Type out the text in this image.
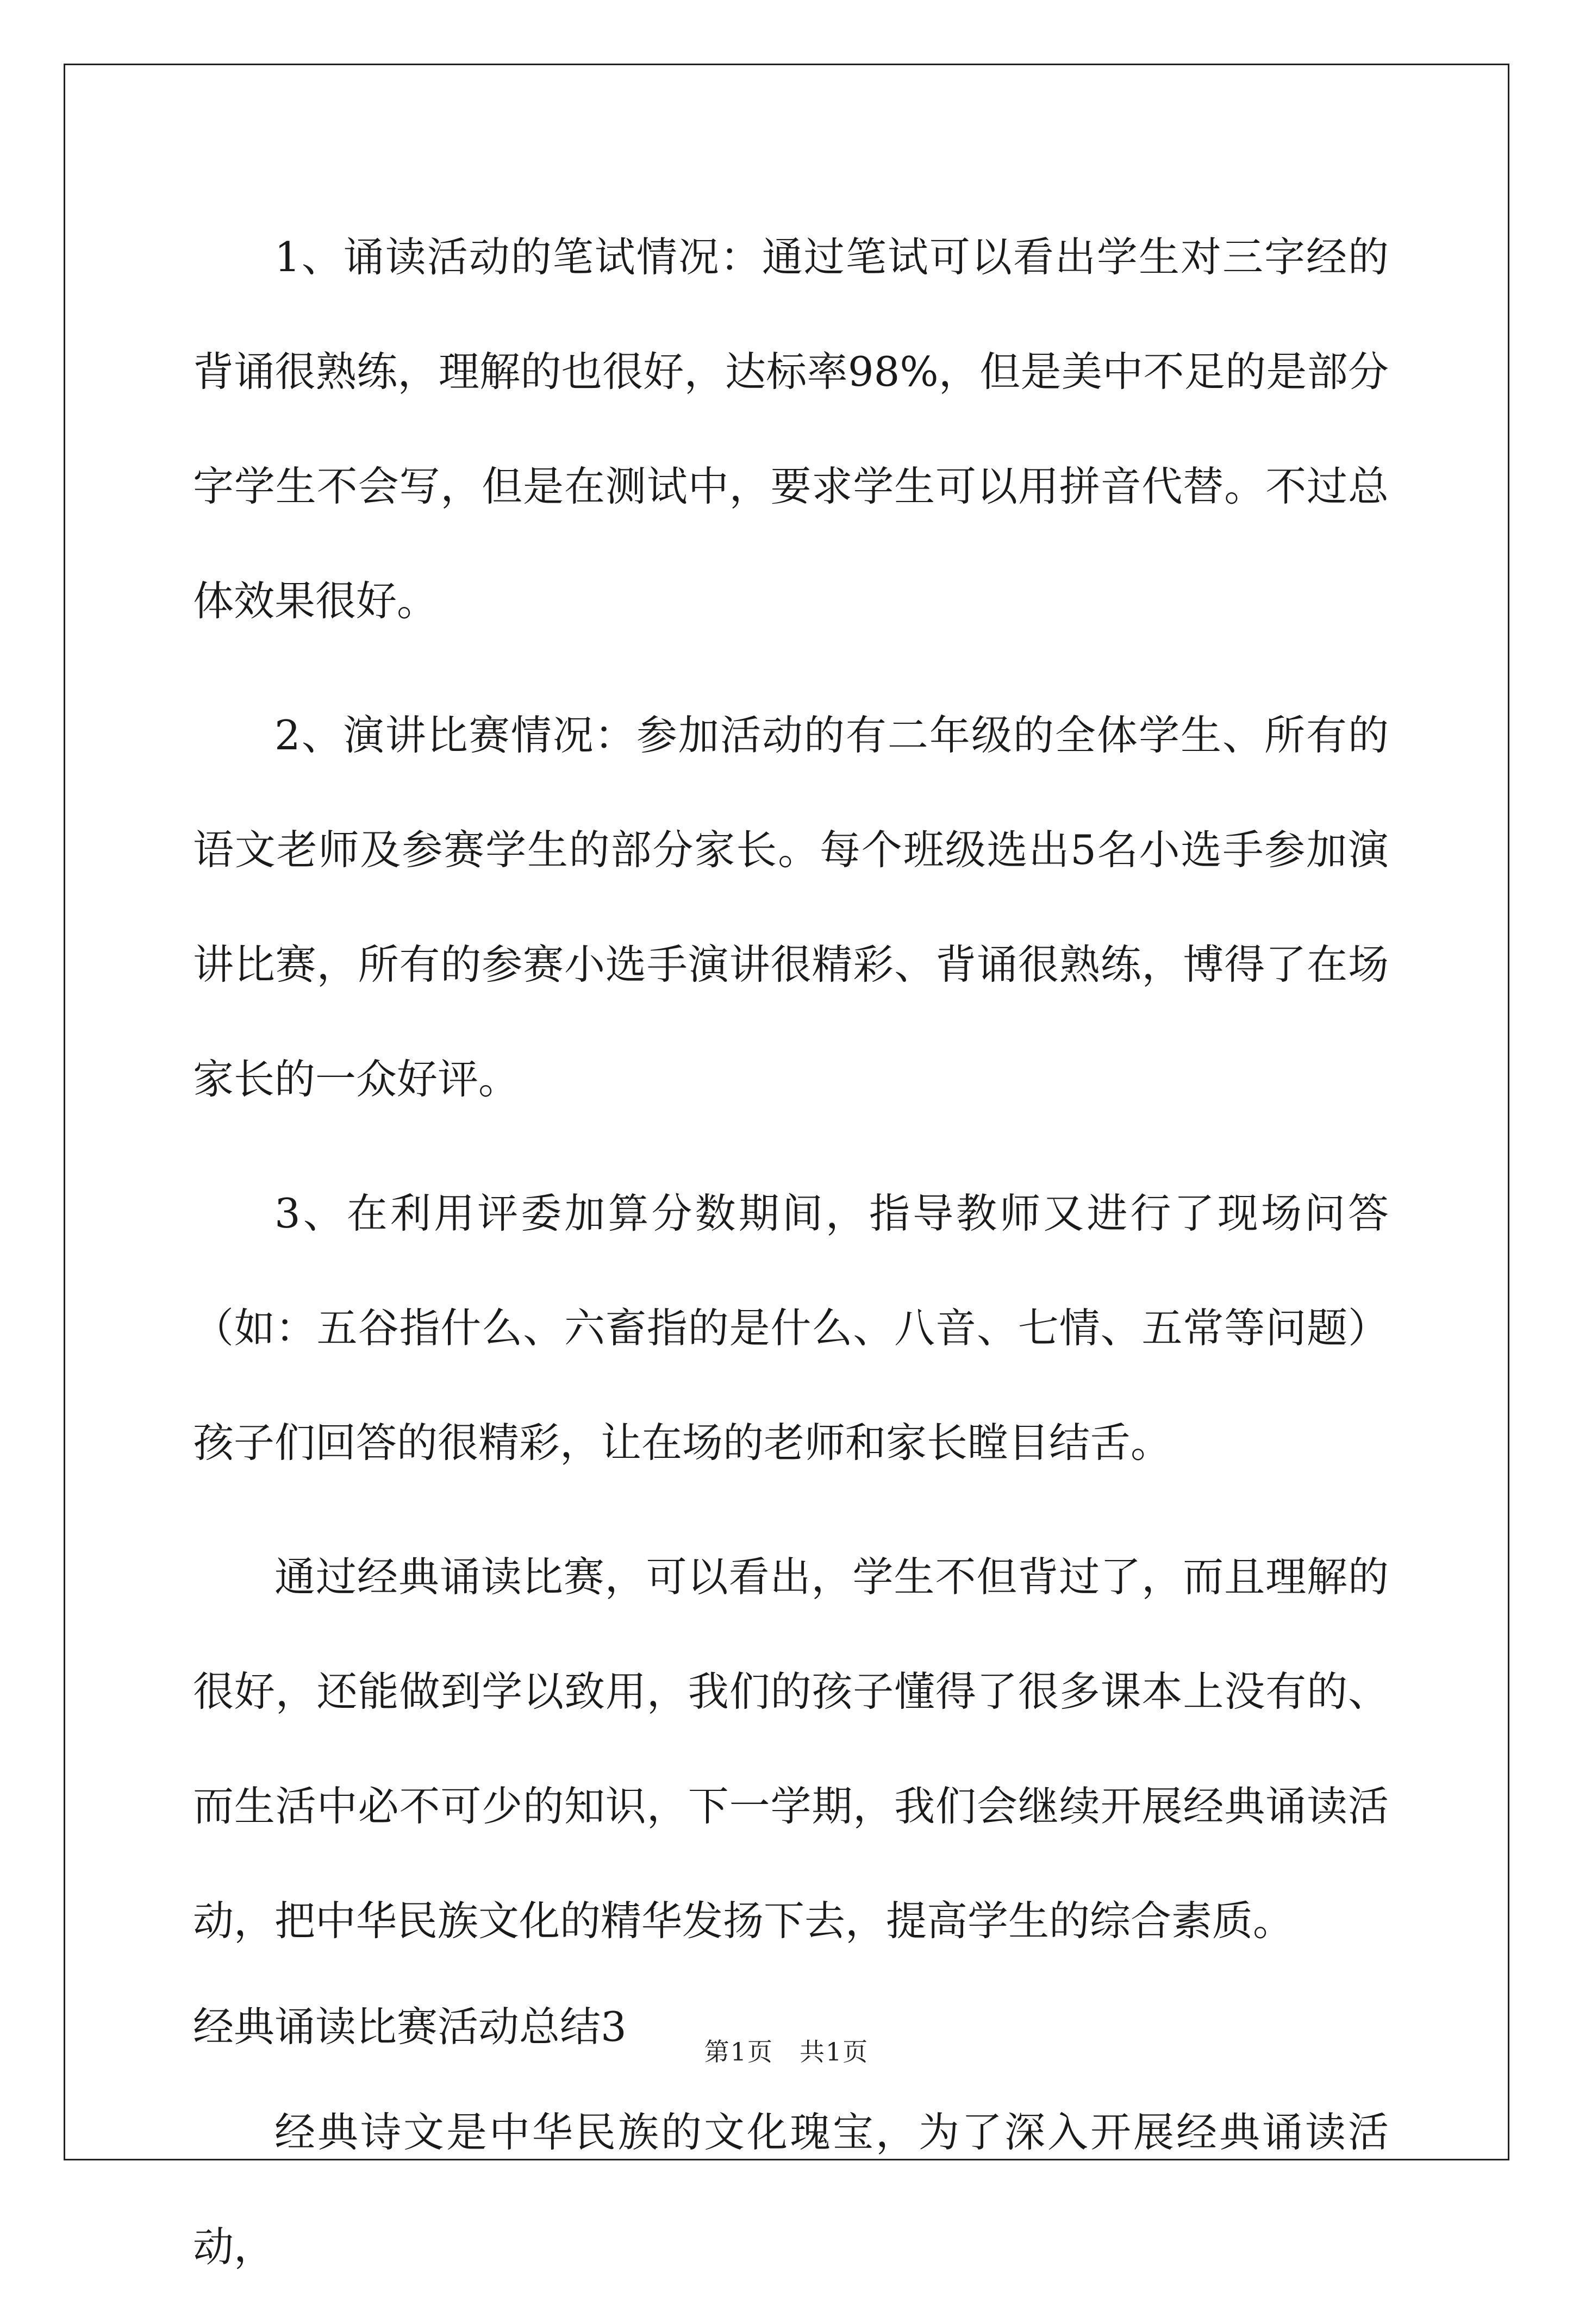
1、诵读活动的笔试情况：通过笔试可以看出学生对三字经的背诵很熟练，理解的也很好，达标率98%，但是美中不足的是部分字学生不会写，但是在测试中，要求学生可以用拼音代替。不过总体效果很好。

2、演讲比赛情况：参加活动的有二年级的全体学生、所有的语文老师及参赛学生的部分家长。每个班级选出5名小选手参加演讲比赛，所有的参赛小选手演讲很精彩、背诵很熟练，博得了在场家长的一众好评。

3、在利用评委加算分数期间，指导教师又进行了现场问答（如：五谷指什么、六畜指的是什么、八音、七情、五常等问题）孩子们回答的很精彩，让在场的老师和家长瞠目结舌。

通过经典诵读比赛，可以看出，学生不但背过了，而且理解的很好，还能做到学以致用，我们的孩子懂得了很多课本上没有的、而生活中必不可少的知识，下一学期，我们会继续开展经典诵读活动，把中华民族文化的精华发扬下去，提高学生的综合素质。

经典诵读比赛活动总结3

经典诗文是中华民族的文化瑰宝，为了深入开展经典诵读活动，

第1页 共1页
